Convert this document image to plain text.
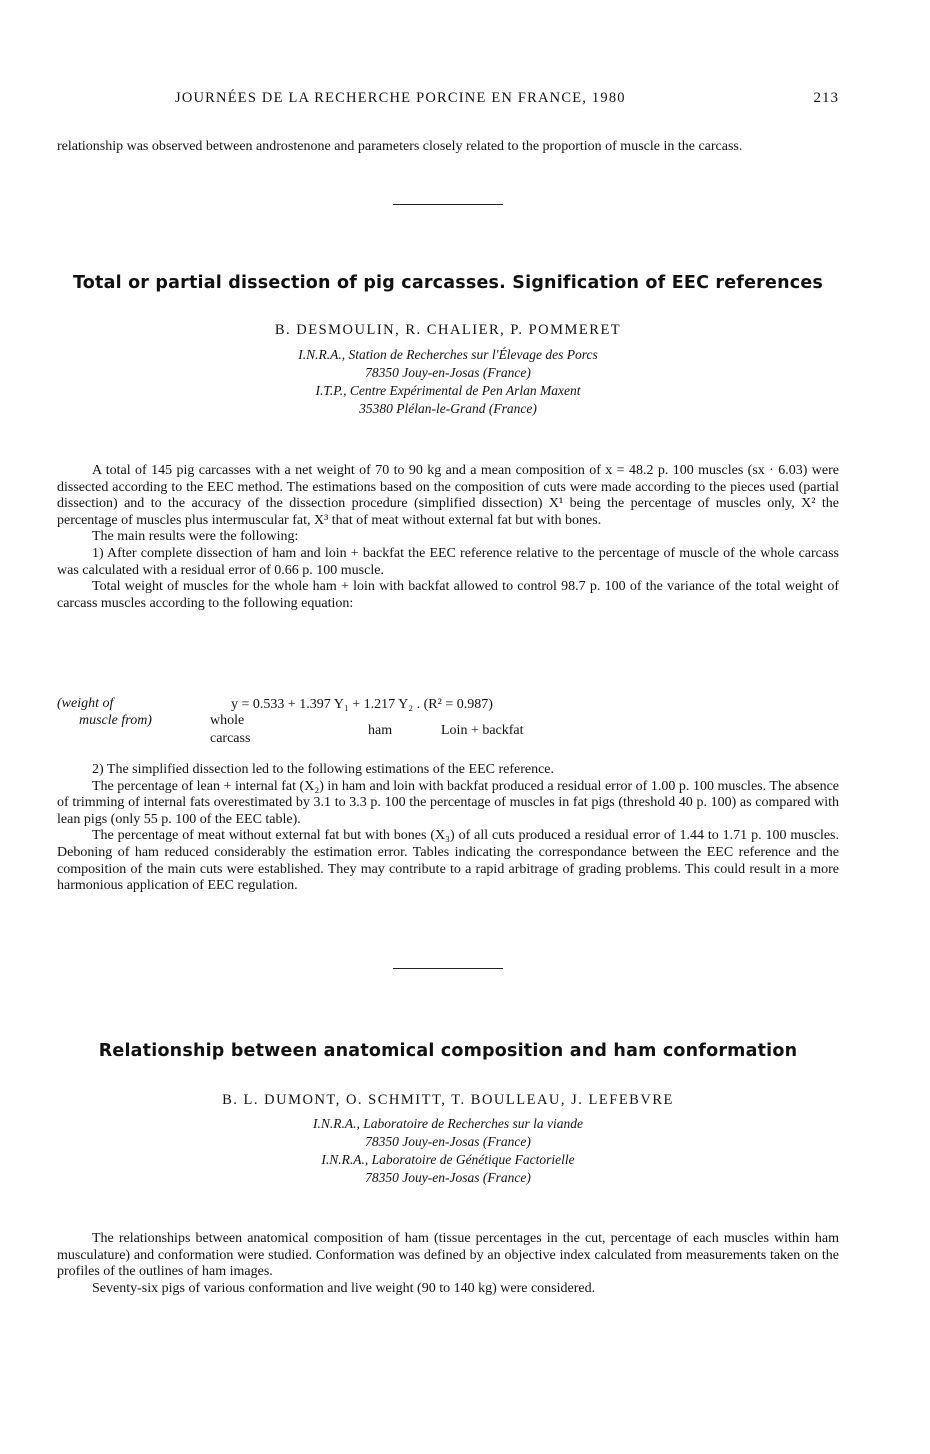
JOURNÉES DE LA RECHERCHE PORCINE EN FRANCE, 1980	213
relationship was observed between androstenone and parameters closely related to the proportion of muscle in the carcass.
Total or partial dissection of pig carcasses. Signification of EEC references
B. DESMOULIN, R. CHALIER, P. POMMERET
I.N.R.A., Station de Recherches sur l'Élevage des Porcs
78350 Jouy-en-Josas (France)
I.T.P., Centre Expérimental de Pen Arlan Maxent
35380 Plélan-le-Grand (France)

A total of 145 pig carcasses with a net weight of 70 to 90 kg and a mean composition of x = 48.2 p. 100 muscles (sx · 6.03) were dissected according to the EEC method. The estimations based on the composition of cuts were made according to the pieces used (partial dissection) and to the accuracy of the dissection procedure (simplified dissection) X¹ being the percentage of muscles only, X² the percentage of muscles plus intermuscular fat, X³ that of meat without external fat but with bones.

The main results were the following:

1) After complete dissection of ham and loin + backfat the EEC reference relative to the percentage of muscle of the whole carcass was calculated with a residual error of 0.66 p. 100 muscle.

Total weight of muscles for the whole ham + loin with backfat allowed to control 98.7 p. 100 of the variance of the total weight of carcass muscles according to the following equation:

(weight of
muscle from)
y = 0.533 + 1.397 Y₁ + 1.217 Y₂ . (R² = 0.987)
whole
carcass
ham	Loin + backfat

2) The simplified dissection led to the following estimations of the EEC reference.

The percentage of lean + internal fat (X₂) in ham and loin with backfat produced a residual error of 1.00 p. 100 muscles. The absence of trimming of internal fats overestimated by 3.1 to 3.3 p. 100 the percentage of muscles in fat pigs (threshold 40 p. 100) as compared with lean pigs (only 55 p. 100 of the EEC table).

The percentage of meat without external fat but with bones (X₃) of all cuts produced a residual error of 1.44 to 1.71 p. 100 muscles. Deboning of ham reduced considerably the estimation error. Tables indicating the correspondance between the EEC reference and the composition of the main cuts were established. They may contribute to a rapid arbitrage of grading problems. This could result in a more harmonious application of EEC regulation.

Relationship between anatomical composition and ham conformation
B. L. DUMONT, O. SCHMITT, T. BOULLEAU, J. LEFEBVRE
I.N.R.A., Laboratoire de Recherches sur la viande
78350 Jouy-en-Josas (France)
I.N.R.A., Laboratoire de Génétique Factorielle
78350 Jouy-en-Josas (France)

The relationships between anatomical composition of ham (tissue percentages in the cut, percentage of each muscles within ham musculature) and conformation were studied. Conformation was defined by an objective index calculated from measurements taken on the profiles of the outlines of ham images.

Seventy-six pigs of various conformation and live weight (90 to 140 kg) were considered.
